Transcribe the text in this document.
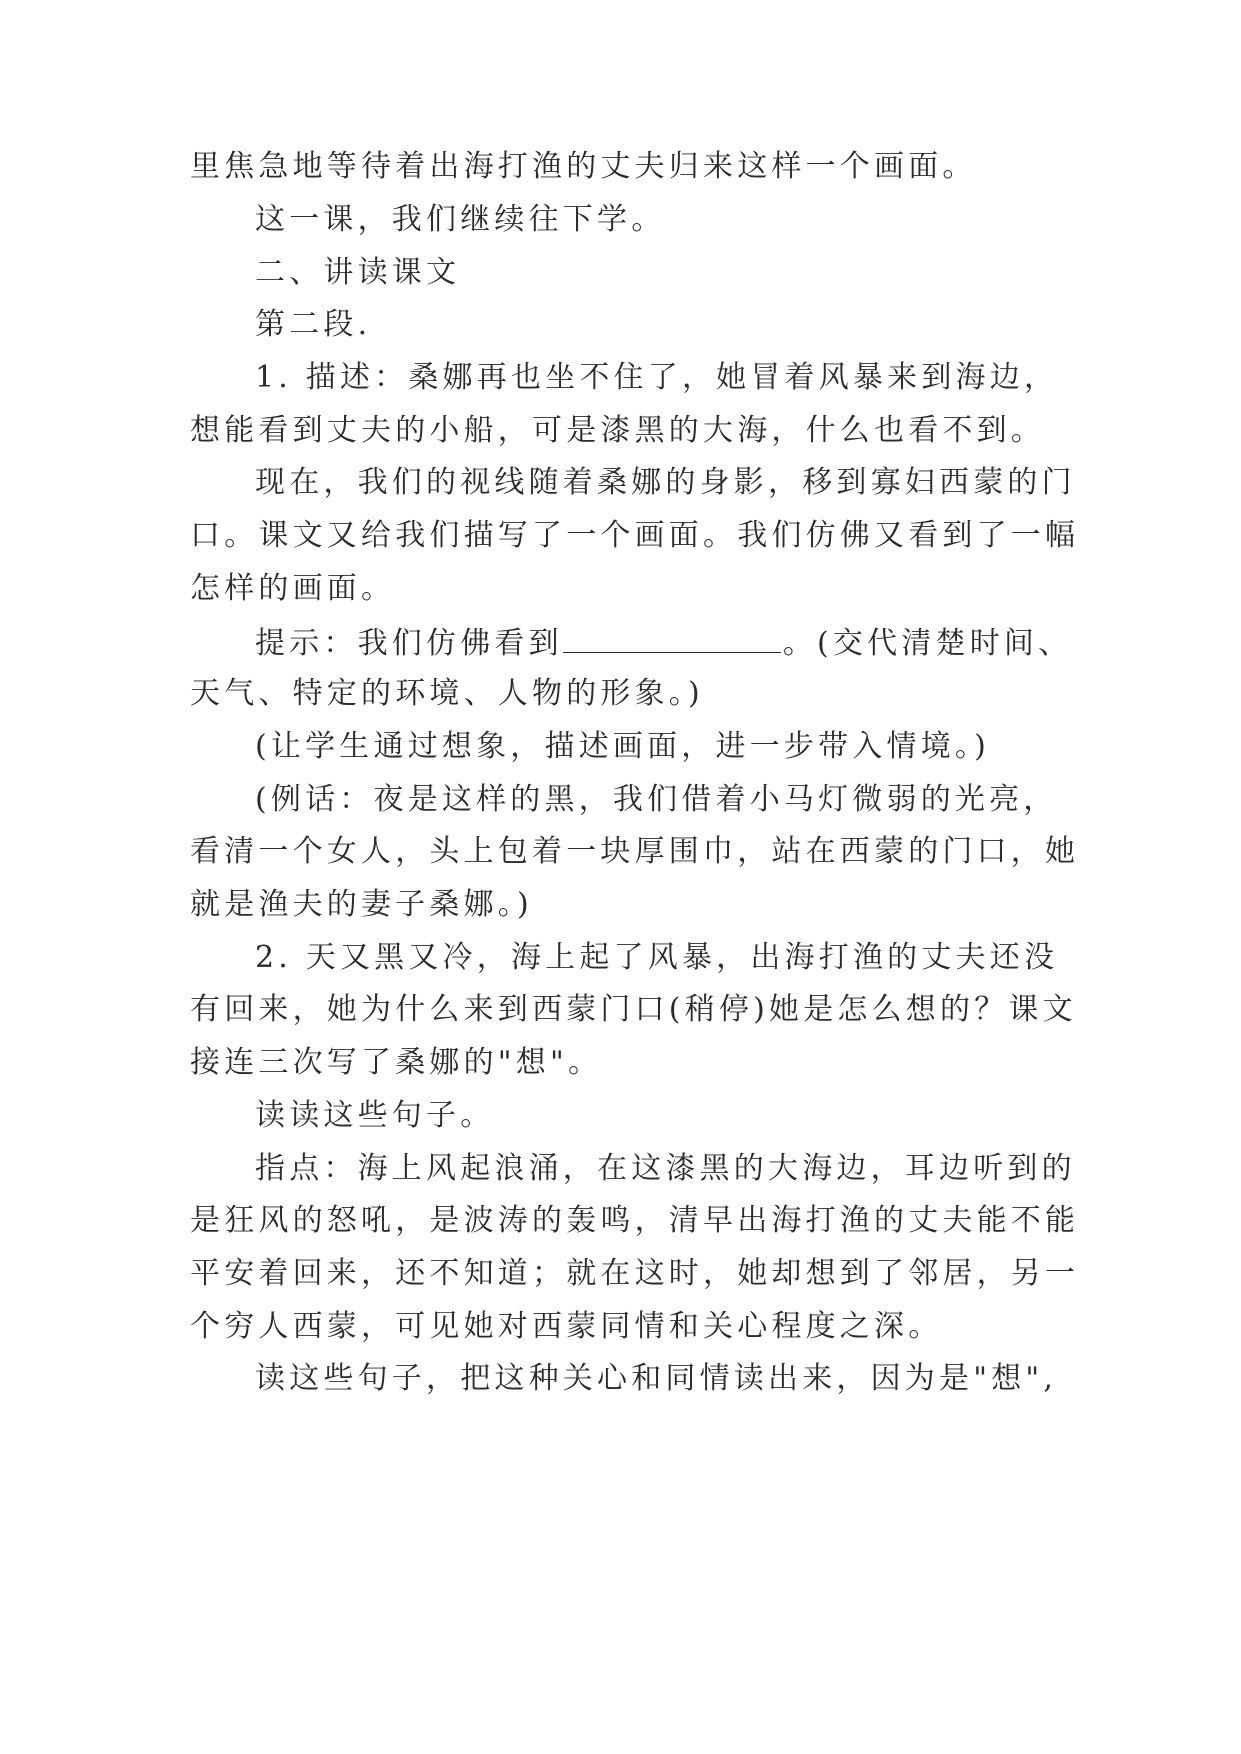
里焦急地等待着出海打渔的丈夫归来这样一个画面。
这一课，我们继续往下学。
二、讲读课文
第二段.
1. 描述：桑娜再也坐不住了，她冒着风暴来到海边，
想能看到丈夫的小船，可是漆黑的大海，什么也看不到。
现在，我们的视线随着桑娜的身影，移到寡妇西蒙的门
口。课文又给我们描写了一个画面。我们仿佛又看到了一幅
怎样的画面。
提示：我们仿佛看到	。(交代清楚时间、
天气、特定的环境、人物的形象。)
(让学生通过想象，描述画面，进一步带入情境。)
(例话：夜是这样的黑，我们借着小马灯微弱的光亮，
看清一个女人，头上包着一块厚围巾，站在西蒙的门口，她
就是渔夫的妻子桑娜。)
2. 天又黑又冷，海上起了风暴，出海打渔的丈夫还没
有回来，她为什么来到西蒙门口(稍停)她是怎么想的？课文
接连三次写了桑娜的"想"。
读读这些句子。
指点：海上风起浪涌，在这漆黑的大海边，耳边听到的
是狂风的怒吼，是波涛的轰鸣，清早出海打渔的丈夫能不能
平安着回来，还不知道；就在这时，她却想到了邻居，另一
个穷人西蒙，可见她对西蒙同情和关心程度之深。
读这些句子，把这种关心和同情读出来，因为是"想",
